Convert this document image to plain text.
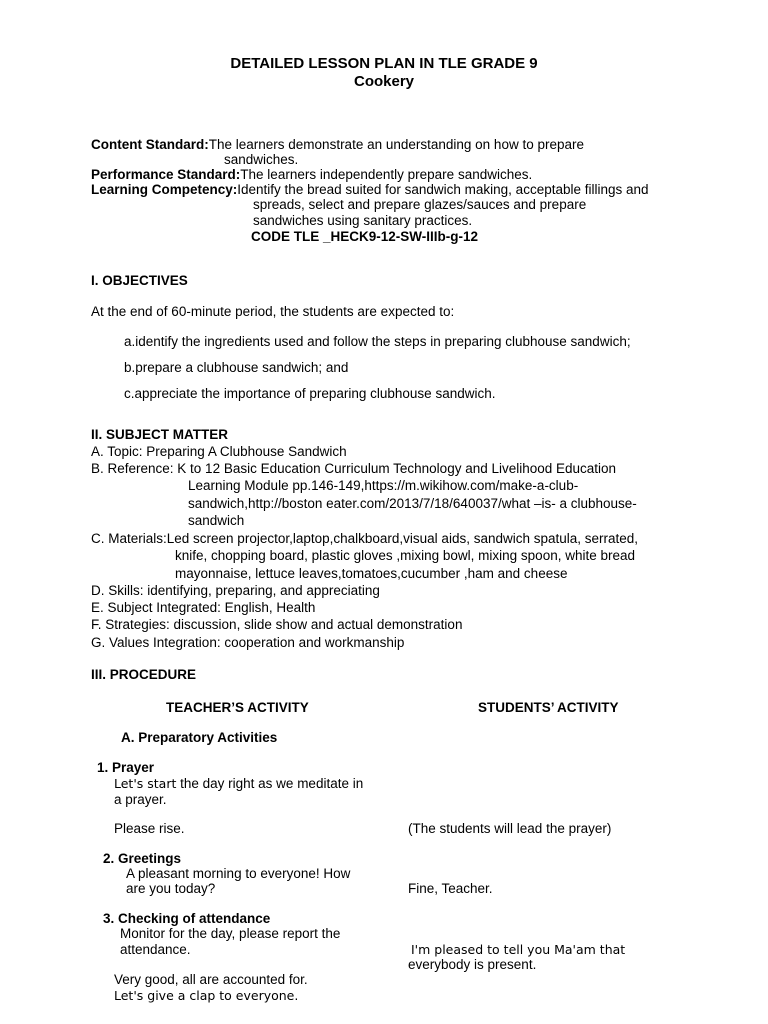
DETAILED LESSON PLAN IN TLE GRADE 9
Cookery
Content Standard:The learners demonstrate an understanding on how to prepare
sandwiches.
Performance Standard:The learners independently prepare sandwiches.
Learning Competency:Identify the bread suited for sandwich making, acceptable fillings and
spreads, select and prepare glazes/sauces and prepare
sandwiches using sanitary practices.
CODE TLE _HECK9-12-SW-IIIb-g-12
I. OBJECTIVES
At the end of 60-minute period, the students are expected to:
a.identify the ingredients used and follow the steps in preparing clubhouse sandwich;
b.prepare a clubhouse sandwich; and
c.appreciate the importance of preparing clubhouse sandwich.
II. SUBJECT MATTER
A. Topic: Preparing A Clubhouse Sandwich
B. Reference: K to 12 Basic Education Curriculum Technology and Livelihood Education
Learning Module pp.146-149,https://m.wikihow.com/make-a-club-
sandwich,http://boston eater.com/2013/7/18/640037/what –is- a clubhouse-
sandwich
C. Materials:Led screen projector,laptop,chalkboard,visual aids, sandwich spatula, serrated,
knife, chopping board, plastic gloves ,mixing bowl, mixing spoon, white bread
mayonnaise, lettuce leaves,tomatoes,cucumber ,ham and cheese
D. Skills: identifying, preparing, and appreciating
E. Subject Integrated: English, Health
F. Strategies: discussion, slide show and actual demonstration
G. Values Integration: cooperation and workmanship
III. PROCEDURE
TEACHER’S ACTIVITY	STUDENTS’ ACTIVITY
A. Preparatory Activities
1. Prayer
Let's start the day right as we meditate in
a prayer.
Please rise.	(The students will lead the prayer)
2. Greetings
A pleasant morning to everyone! How
are you today?	Fine, Teacher.
3. Checking of attendance
Monitor for the day, please report the
attendance.	I'm pleased to tell you Ma'am that
everybody is present.
Very good, all are accounted for.
Let's give a clap to everyone.
